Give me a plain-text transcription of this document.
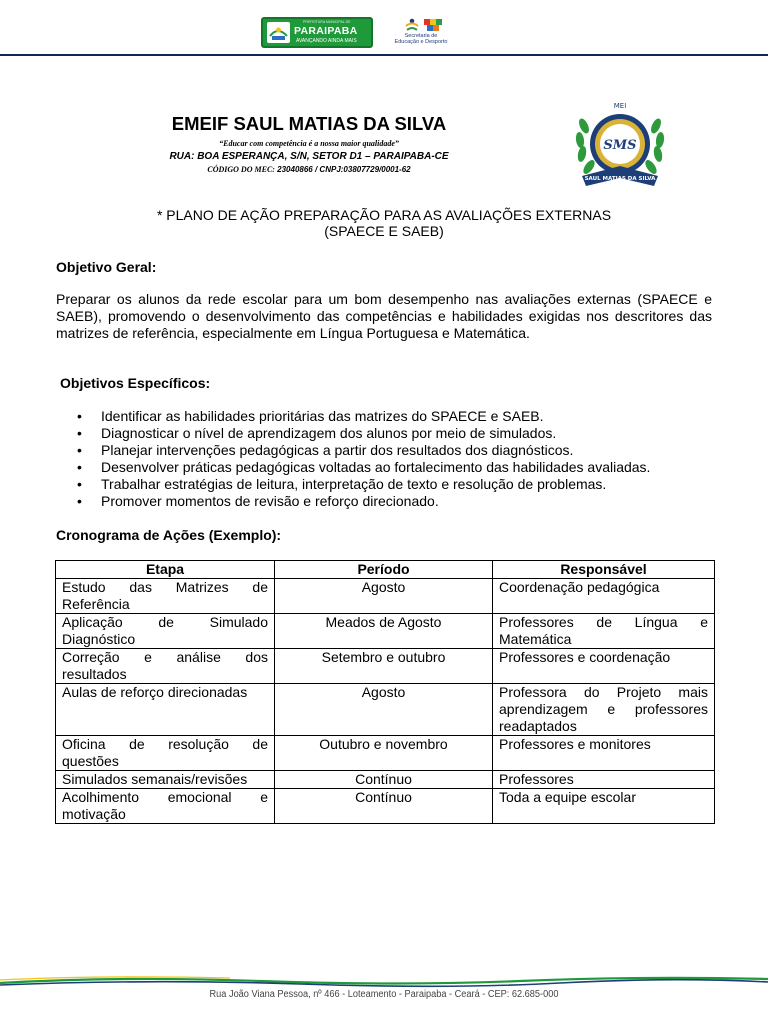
PREFEITURA MUNICIPAL DE
PARAIPABA
AVANÇANDO AINDA MAIS
Secretaria de
Educação e Desporto
EMEIF SAUL MATIAS DA SILVA
“Educar com competência é a nossa maior qualidade”
RUA: BOA ESPERANÇA, S/N, SETOR D1 – PARAIPABA-CE
CÓDIGO DO MEC: 23040866 / CNPJ:03807729/0001-62
SMS
MEI
SAUL MATIAS DA SILVA
* PLANO DE AÇÃO PREPARAÇÃO PARA AS AVALIAÇÕES EXTERNAS
(SPAECE E SAEB)
Objetivo Geral:
Preparar os alunos da rede escolar para um bom desempenho nas avaliações externas (SPAECE e SAEB), promovendo o desenvolvimento das competências e habilidades exigidas nos descritores das matrizes de referência, especialmente em Língua Portuguesa e Matemática.
Objetivos Específicos:
• Identificar as habilidades prioritárias das matrizes do SPAECE e SAEB.
• Diagnosticar o nível de aprendizagem dos alunos por meio de simulados.
• Planejar intervenções pedagógicas a partir dos resultados dos diagnósticos.
• Desenvolver práticas pedagógicas voltadas ao fortalecimento das habilidades avaliadas.
• Trabalhar estratégias de leitura, interpretação de texto e resolução de problemas.
• Promover momentos de revisão e reforço direcionado.
Cronograma de Ações (Exemplo):
Etapa	Período	Responsável
Estudo das Matrizes de
Referência	Agosto	Coordenação pedagógica
Aplicação de Simulado
Diagnóstico	Meados de Agosto	Professores de Língua e
Matemática

Correção e análise dos
resultados	Setembro e outubro	Professores e coordenação
Aulas de reforço direcionadas	Agosto	Professora do Projeto mais
aprendizagem e professores readaptados

Oficina de resolução de
questões	Outubro e novembro	Professores e monitores
Simulados semanais/revisões	Contínuo	Professores
Acolhimento emocional e
motivação	Contínuo	Toda a equipe escolar
Rua João Viana Pessoa, nº 466 - Loteamento - Paraipaba - Ceará - CEP: 62.685-000
